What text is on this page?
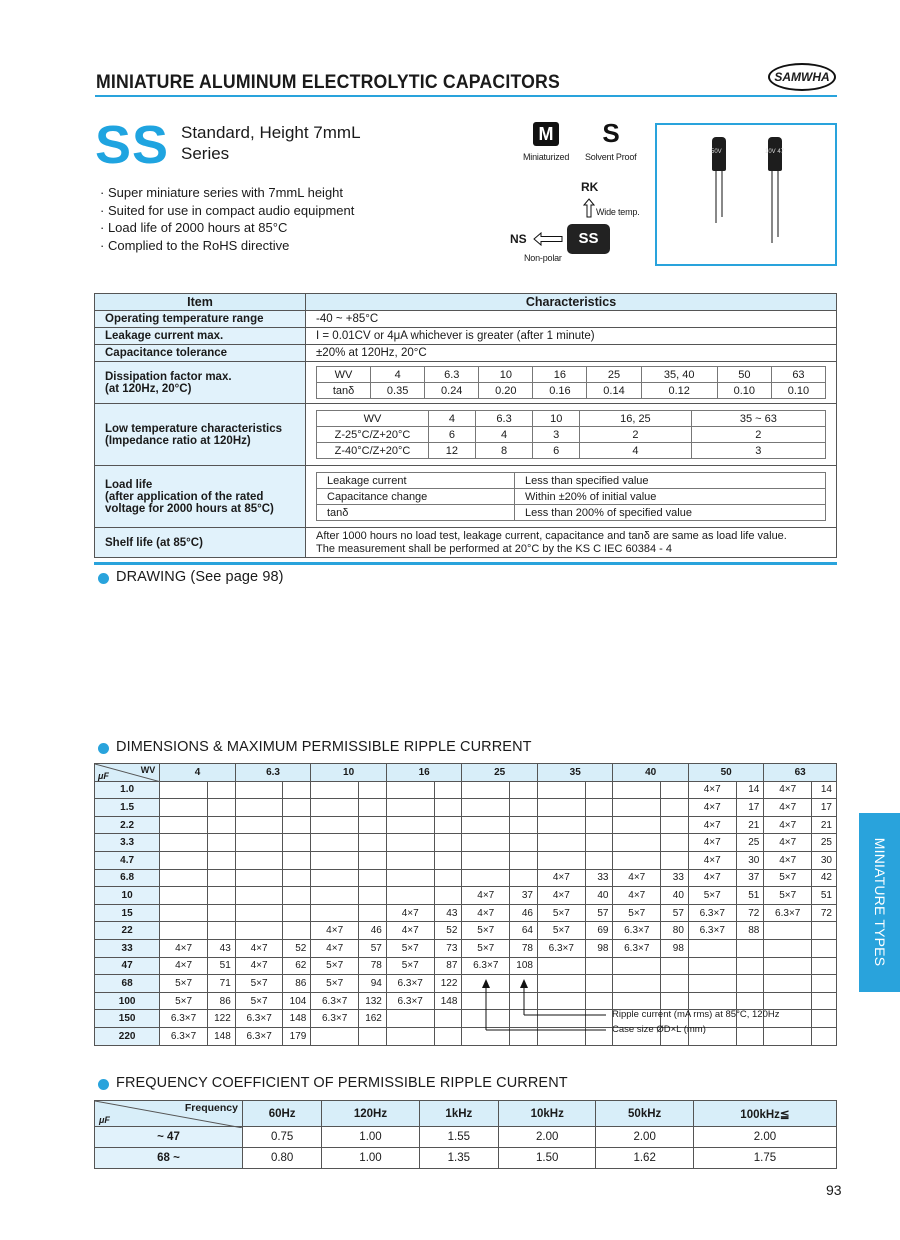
MINIATURE ALUMINUM ELECTROLYTIC CAPACITORS	SAMWHA
SS Standard, Height 7mmL
Series
· Super miniature series with 7mmL height
· Suited for use in compact audio equipment
· Load life of 2000 hours at 85°C
· Complied to the RoHS directive
M
Miniaturized
S
Solvent Proof
RK
Wide temp.
NS	SS
Non-polar
50V	10V 47
Item	Characteristics
Operating temperature range	-40 ~ +85°C
Leakage current max.	I = 0.01CV or 4μA whichever is greater (after 1 minute)
Capacitance tolerance	±20% at 120Hz, 20°C

Dissipation factor max.
(at 120Hz, 20°C)

WV	4	6.3	10	16	25	35, 40	50	63
tanδ	0.35	0.24	0.20	0.16	0.14	0.12	0.10	0.10

Low temperature characteristics
(Impedance ratio at 120Hz)

WV	4	6.3	10	16, 25	35 ~ 63
Z-25°C/Z+20°C	6	4	3	2	2
Z-40°C/Z+20°C	12	8	6	4	3

Load life
(after application of the rated
voltage for 2000 hours at 85°C)

Leakage current	Less than specified value
Capacitance change	Within ±20% of initial value
tanδ	Less than 200% of specified value

Shelf life (at 85°C)	
After 1000 hours no load test, leakage current, capacitance and tanδ are same as load life value.
The measurement shall be performed at 20°C by the KS C IEC 60384 - 4
DRAWING (See page 98)
DIMENSIONS & MAXIMUM PERMISSIBLE RIPPLE CURRENT
WV
μF	4		6.3		10		16		25		35		40		50		63	
1.0															4×7	14	4×7	14
1.5															4×7	17	4×7	17
2.2															4×7	21	4×7	21
3.3															4×7	25	4×7	25
4.7															4×7	30	4×7	30
6.8											4×7	33	4×7	33	4×7	37	5×7	42
10									4×7	37	4×7	40	4×7	40	5×7	51	5×7	51
15							4×7	43	4×7	46	5×7	57	5×7	57	6.3×7	72	6.3×7	72
22					4×7	46	4×7	52	5×7	64	5×7	69	6.3×7	80	6.3×7	88		
33	4×7	43	4×7	52	4×7	57	5×7	73	5×7	78	6.3×7	98	6.3×7	98				
47	4×7	51	4×7	62	5×7	78	5×7	87	6.3×7	108								
68	5×7	71	5×7	86	5×7	94	6.3×7	122										
100	5×7	86	5×7	104	6.3×7	132	6.3×7	148										
150	6.3×7	122	6.3×7	148	6.3×7	162												
220	6.3×7	148	6.3×7	179														
Ripple current (mA rms) at 85°C, 120Hz
Case size ØD×L (mm)
FREQUENCY COEFFICIENT OF PERMISSIBLE RIPPLE CURRENT
Frequency
μF	60Hz	120Hz	1kHz	10kHz	50kHz	100kHz≦
~ 47	0.75	1.00	1.55	2.00	2.00	2.00
68 ~	0.80	1.00	1.35	1.50	1.62	1.75
MINIATURE TYPES
93
